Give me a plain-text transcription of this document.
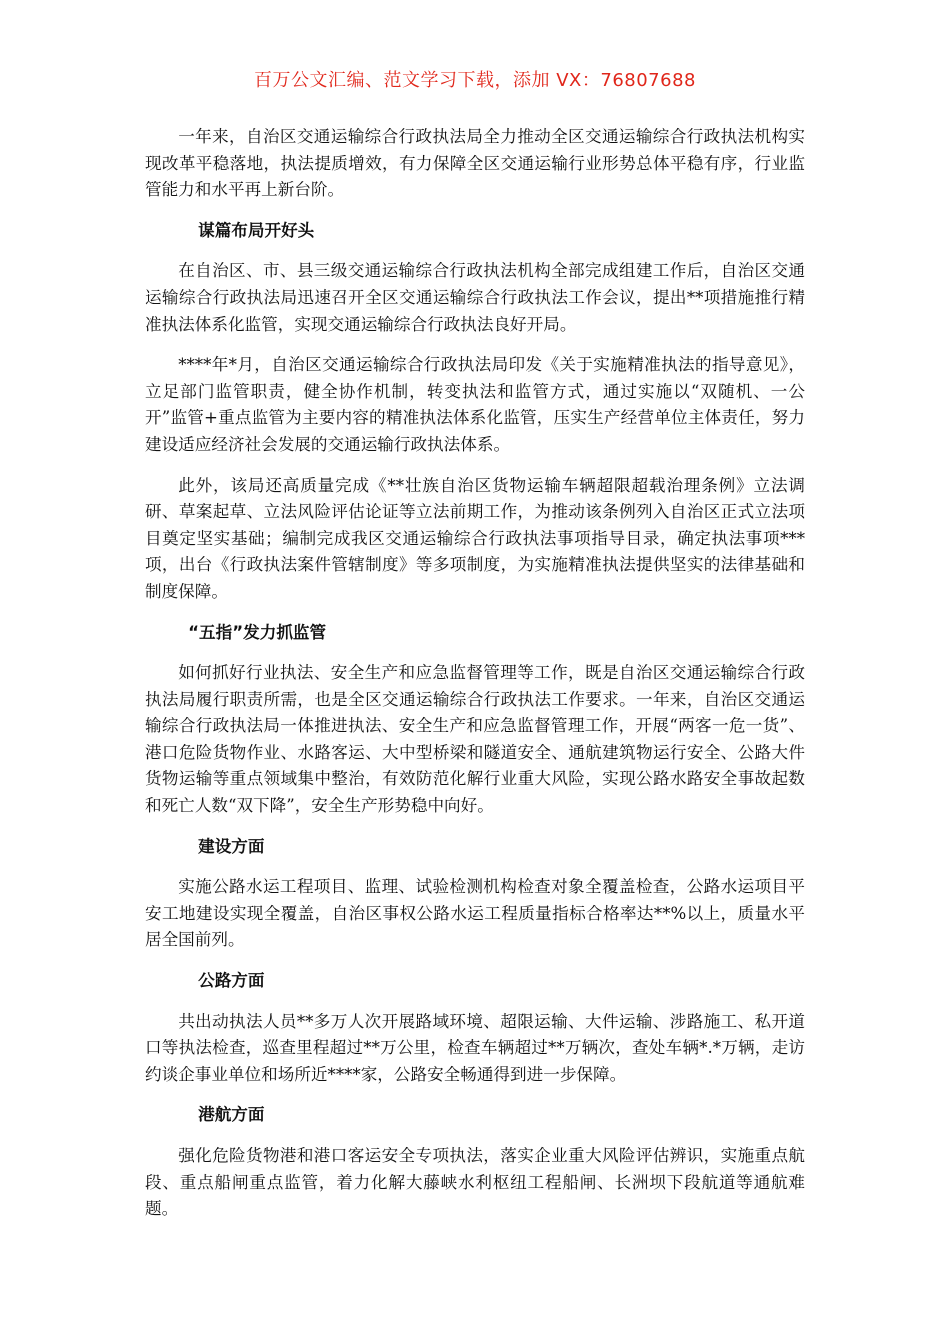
百万公文汇编、范文学习下载，添加 VX：76807688

一年来，自治区交通运输综合行政执法局全力推动全区交通运输综合行政执法机构实现改革平稳落地，执法提质增效，有力保障全区交通运输行业形势总体平稳有序，行业监管能力和水平再上新台阶。

谋篇布局开好头

在自治区、市、县三级交通运输综合行政执法机构全部完成组建工作后，自治区交通运输综合行政执法局迅速召开全区交通运输综合行政执法工作会议，提出**项措施推行精准执法体系化监管，实现交通运输综合行政执法良好开局。

****年*月，自治区交通运输综合行政执法局印发《关于实施精准执法的指导意见》，立足部门监管职责，健全协作机制，转变执法和监管方式，通过实施以“双随机、一公开”监管+重点监管为主要内容的精准执法体系化监管，压实生产经营单位主体责任，努力建设适应经济社会发展的交通运输行政执法体系。

此外，该局还高质量完成《**壮族自治区货物运输车辆超限超载治理条例》立法调研、草案起草、立法风险评估论证等立法前期工作，为推动该条例列入自治区正式立法项目奠定坚实基础；编制完成我区交通运输综合行政执法事项指导目录，确定执法事项***项，出台《行政执法案件管辖制度》等多项制度，为实施精准执法提供坚实的法律基础和制度保障。

“五指”发力抓监管

如何抓好行业执法、安全生产和应急监督管理等工作，既是自治区交通运输综合行政执法局履行职责所需，也是全区交通运输综合行政执法工作要求。一年来，自治区交通运输综合行政执法局一体推进执法、安全生产和应急监督管理工作，开展“两客一危一货”、港口危险货物作业、水路客运、大中型桥梁和隧道安全、通航建筑物运行安全、公路大件货物运输等重点领域集中整治，有效防范化解行业重大风险，实现公路水路安全事故起数和死亡人数“双下降”，安全生产形势稳中向好。

建设方面

实施公路水运工程项目、监理、试验检测机构检查对象全覆盖检查，公路水运项目平安工地建设实现全覆盖，自治区事权公路水运工程质量指标合格率达**%以上，质量水平居全国前列。

公路方面

共出动执法人员**多万人次开展路域环境、超限运输、大件运输、涉路施工、私开道口等执法检查，巡查里程超过**万公里，检查车辆超过**万辆次，查处车辆*.*万辆，走访约谈企事业单位和场所近****家，公路安全畅通得到进一步保障。

港航方面

强化危险货物港和港口客运安全专项执法，落实企业重大风险评估辨识，实施重点航段、重点船闸重点监管，着力化解大藤峡水利枢纽工程船闸、长洲坝下段航道等通航难题。
